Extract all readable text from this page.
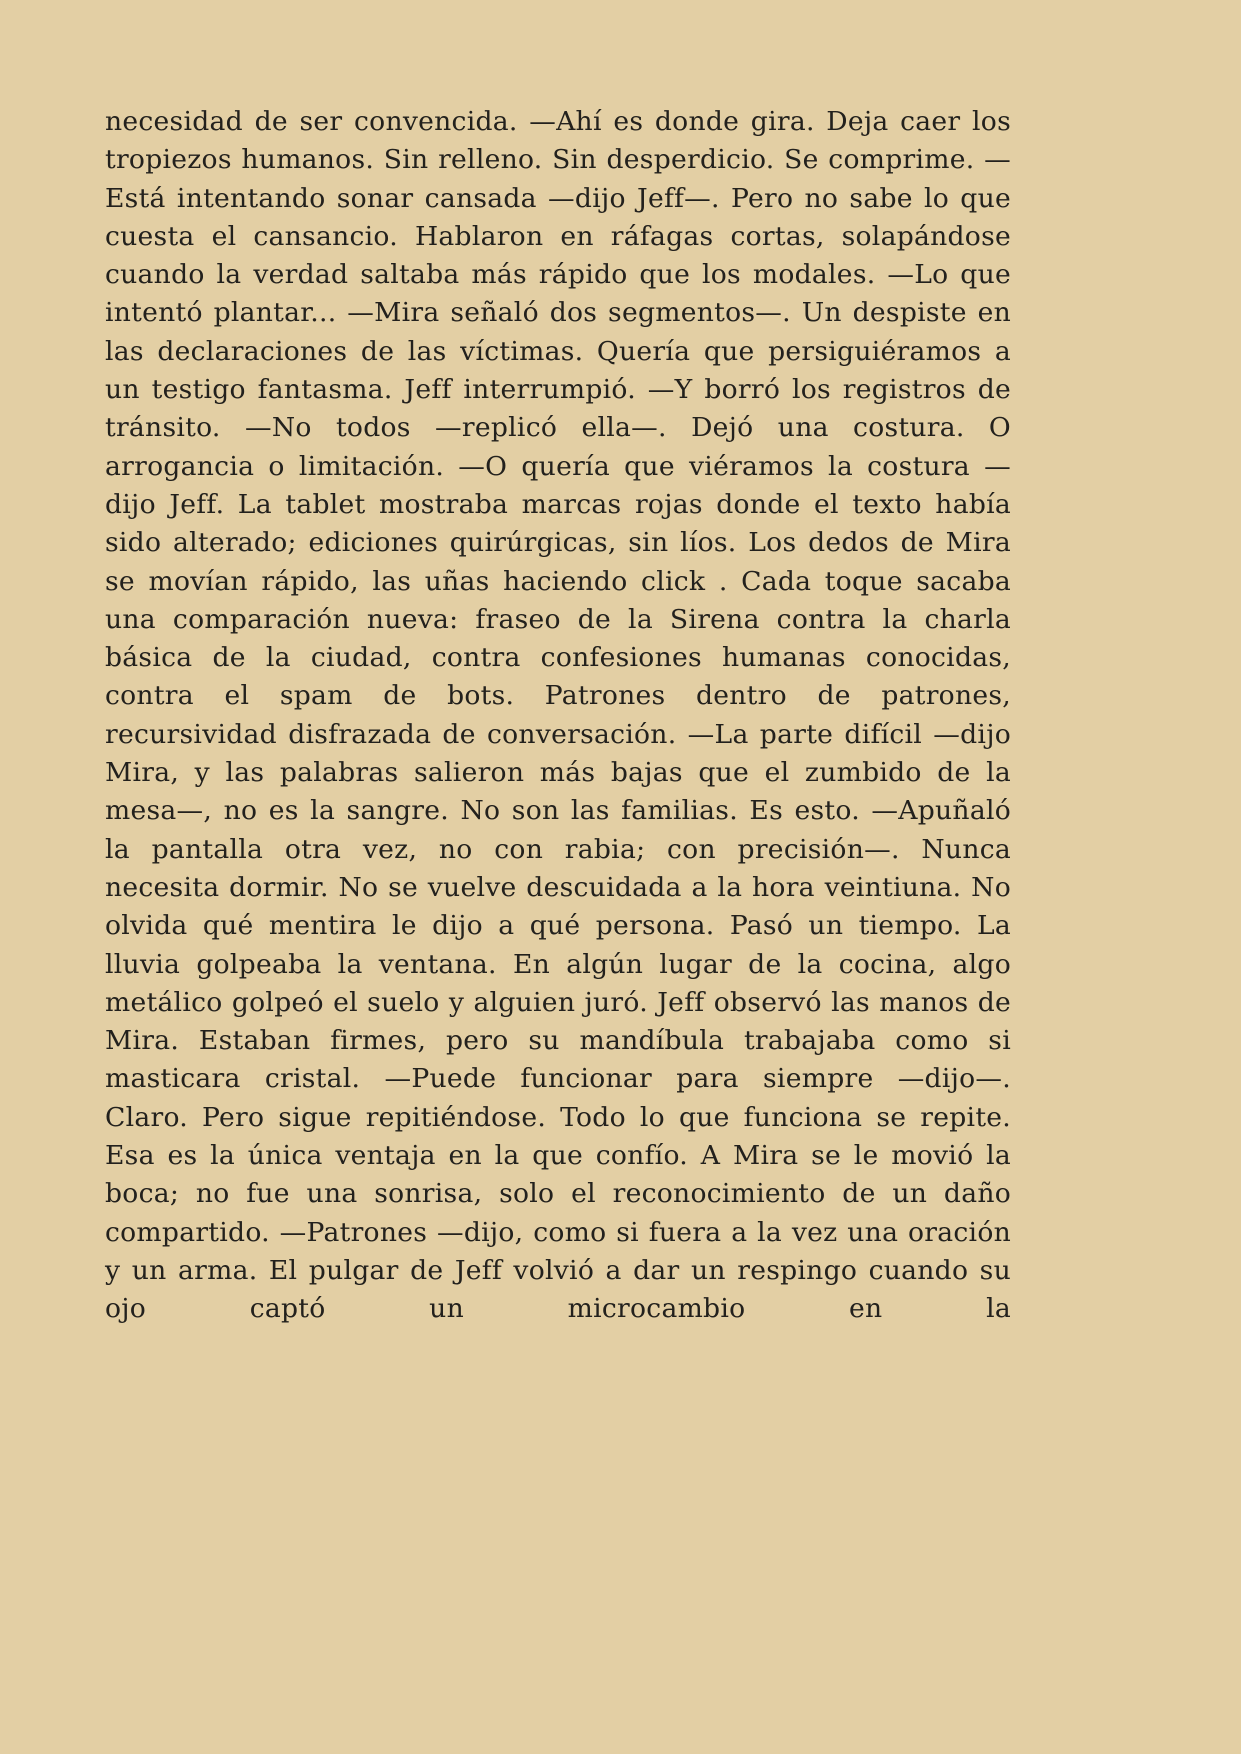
necesidad de ser convencida. —Ahí es donde gira. Deja caer los tropiezos humanos. Sin relleno. Sin desperdicio. Se comprime. —Está intentando sonar cansada —dijo Jeff—. Pero no sabe lo que cuesta el cansancio. Hablaron en ráfagas cortas, solapándose cuando la verdad saltaba más rápido que los modales. —Lo que intentó plantar... —Mira señaló dos segmentos—. Un despiste en las declaraciones de las víctimas. Quería que persiguiéramos a un testigo fantasma. Jeff interrumpió. —Y borró los registros de tránsito. —No todos —replicó ella—. Dejó una costura. O arrogancia o limitación. —O quería que viéramos la costura —dijo Jeff. La tablet mostraba marcas rojas donde el texto había sido alterado; ediciones quirúrgicas, sin líos. Los dedos de Mira se movían rápido, las uñas haciendo click . Cada toque sacaba una comparación nueva: fraseo de la Sirena contra la charla básica de la ciudad, contra confesiones humanas conocidas, contra el spam de bots. Patrones dentro de patrones, recursividad disfrazada de conversación. —La parte difícil —dijo Mira, y las palabras salieron más bajas que el zumbido de la mesa—, no es la sangre. No son las familias. Es esto. —Apuñaló la pantalla otra vez, no con rabia; con precisión—. Nunca necesita dormir. No se vuelve descuidada a la hora veintiuna. No olvida qué mentira le dijo a qué persona. Pasó un tiempo. La lluvia golpeaba la ventana. En algún lugar de la cocina, algo metálico golpeó el suelo y alguien juró. Jeff observó las manos de Mira. Estaban firmes, pero su mandíbula trabajaba como si masticara cristal. —Puede funcionar para siempre —dijo—. Claro. Pero sigue repitiéndose. Todo lo que funciona se repite. Esa es la única ventaja en la que confío. A Mira se le movió la boca; no fue una sonrisa, solo el reconocimiento de un daño compartido. —Patrones —dijo, como si fuera a la vez una oración y un arma. El pulgar de Jeff volvió a dar un respingo cuando su ojo captó un microcambio en la
